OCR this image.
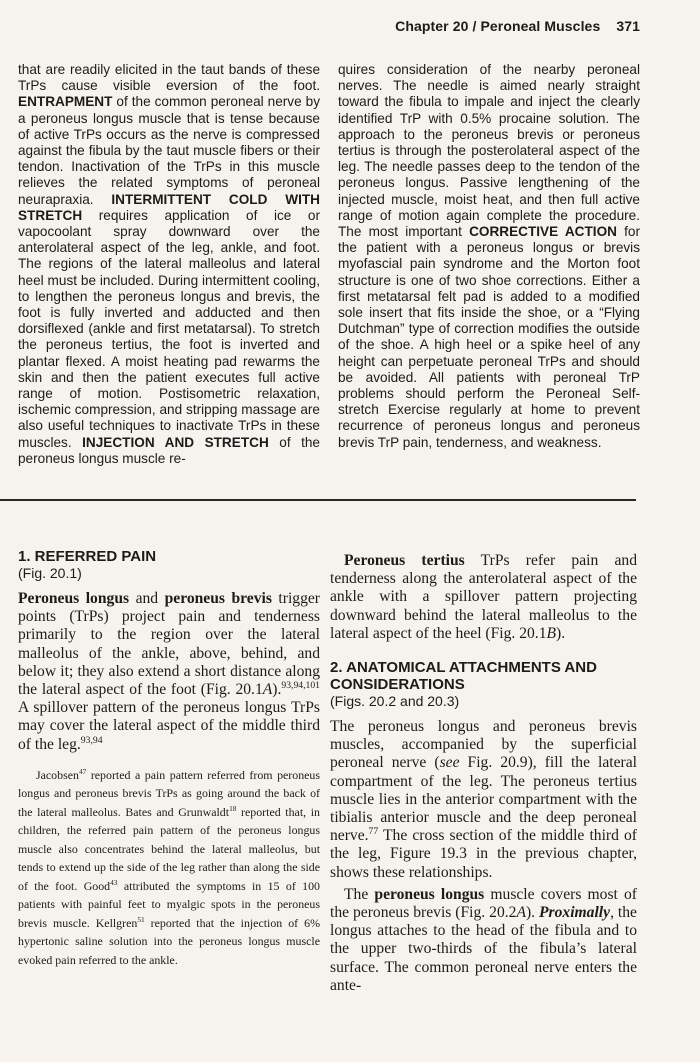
Chapter 20 / Peroneal Muscles 371
that are readily elicited in the taut bands of these TrPs cause visible eversion of the foot. ENTRAPMENT of the common peroneal nerve by a peroneus longus muscle that is tense because of active TrPs occurs as the nerve is compressed against the fibula by the taut muscle fibers or their tendon. Inactivation of the TrPs in this muscle relieves the related symptoms of peroneal neurapraxia. INTERMITTENT COLD WITH STRETCH requires application of ice or vapocoolant spray downward over the anterolateral aspect of the leg, ankle, and foot. The regions of the lateral malleolus and lateral heel must be included. During intermittent cooling, to lengthen the peroneus longus and brevis, the foot is fully inverted and adducted and then dorsiflexed (ankle and first metatarsal). To stretch the peroneus tertius, the foot is inverted and plantar flexed. A moist heating pad rewarms the skin and then the patient executes full active range of motion. Postisometric relaxation, ischemic compression, and stripping massage are also useful techniques to inactivate TrPs in these muscles. INJECTION AND STRETCH of the peroneus longus muscle re-
quires consideration of the nearby peroneal nerves. The needle is aimed nearly straight toward the fibula to impale and inject the clearly identified TrP with 0.5% procaine solution. The approach to the peroneus brevis or peroneus tertius is through the posterolateral aspect of the leg. The needle passes deep to the tendon of the peroneus longus. Passive lengthening of the injected muscle, moist heat, and then full active range of motion again complete the procedure. The most important CORRECTIVE ACTION for the patient with a peroneus longus or brevis myofascial pain syndrome and the Morton foot structure is one of two shoe corrections. Either a first metatarsal felt pad is added to a modified sole insert that fits inside the shoe, or a “Flying Dutchman” type of correction modifies the outside of the shoe. A high heel or a spike heel of any height can perpetuate peroneal TrPs and should be avoided. All patients with peroneal TrP problems should perform the Peroneal Self-stretch Exercise regularly at home to prevent recurrence of peroneus longus and peroneus brevis TrP pain, tenderness, and weakness.
1. REFERRED PAIN
(Fig. 20.1)

Peroneus longus and peroneus brevis trigger points (TrPs) project pain and tenderness primarily to the region over the lateral malleolus of the ankle, above, behind, and below it; they also extend a short distance along the lateral aspect of the foot (Fig. 20.1A).$^{93,94,101}$ A spillover pattern of the peroneus longus TrPs may cover the lateral aspect of the middle third of the leg.$^{93,94}$

Jacobsen$^{47}$ reported a pain pattern referred from peroneus longus and peroneus brevis TrPs as going around the back of the lateral malleolus. Bates and Grunwaldt$^{18}$ reported that, in children, the referred pain pattern of the peroneus longus muscle also concentrates behind the lateral malleolus, but tends to extend up the side of the leg rather than along the side of the foot. Good$^{43}$ attributed the symptoms in 15 of 100 patients with painful feet to myalgic spots in the peroneus brevis muscle. Kellgren$^{51}$ reported that the injection of 6% hypertonic saline solution into the peroneus longus muscle evoked pain referred to the ankle.

Peroneus tertius TrPs refer pain and tenderness along the anterolateral aspect of the ankle with a spillover pattern projecting downward behind the lateral malleolus to the lateral aspect of the heel (Fig. 20.1B).

2. ANATOMICAL ATTACHMENTS AND CONSIDERATIONS
(Figs. 20.2 and 20.3)

The peroneus longus and peroneus brevis muscles, accompanied by the superficial peroneal nerve (see Fig. 20.9), fill the lateral compartment of the leg. The peroneus tertius muscle lies in the anterior compartment with the tibialis anterior muscle and the deep peroneal nerve.$^{77}$ The cross section of the middle third of the leg, Figure 19.3 in the previous chapter, shows these relationships.

The peroneus longus muscle covers most of the peroneus brevis (Fig. 20.2A). Proximally, the longus attaches to the head of the fibula and to the upper two-thirds of the fibula’s lateral surface. The common peroneal nerve enters the ante-
